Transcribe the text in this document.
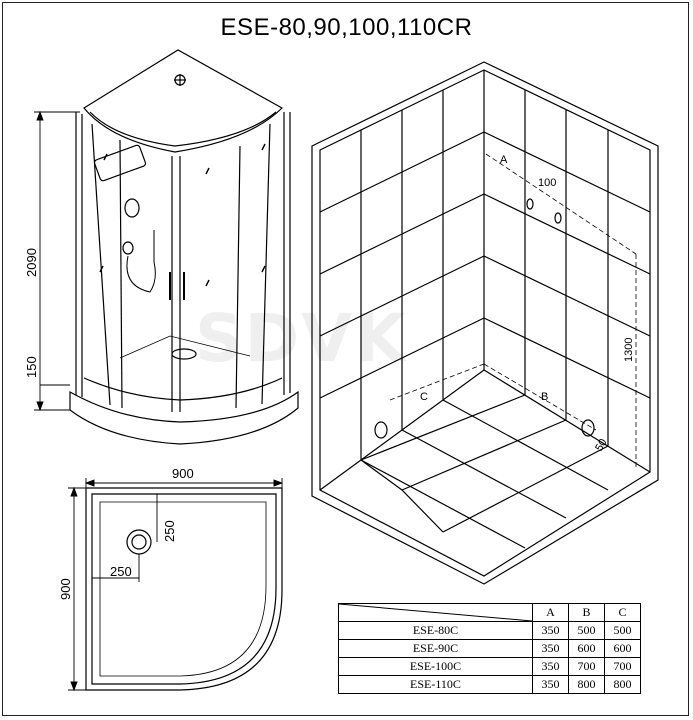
ESE-80,90,100,110CR
SDVK
2090
150
A
100
1300
B
C
50
900
900
250
250
	A	B	C
ESE-80C	350	500	500
ESE-90C	350	600	600
ESE-100C	350	700	700
ESE-110C	350	800	800
